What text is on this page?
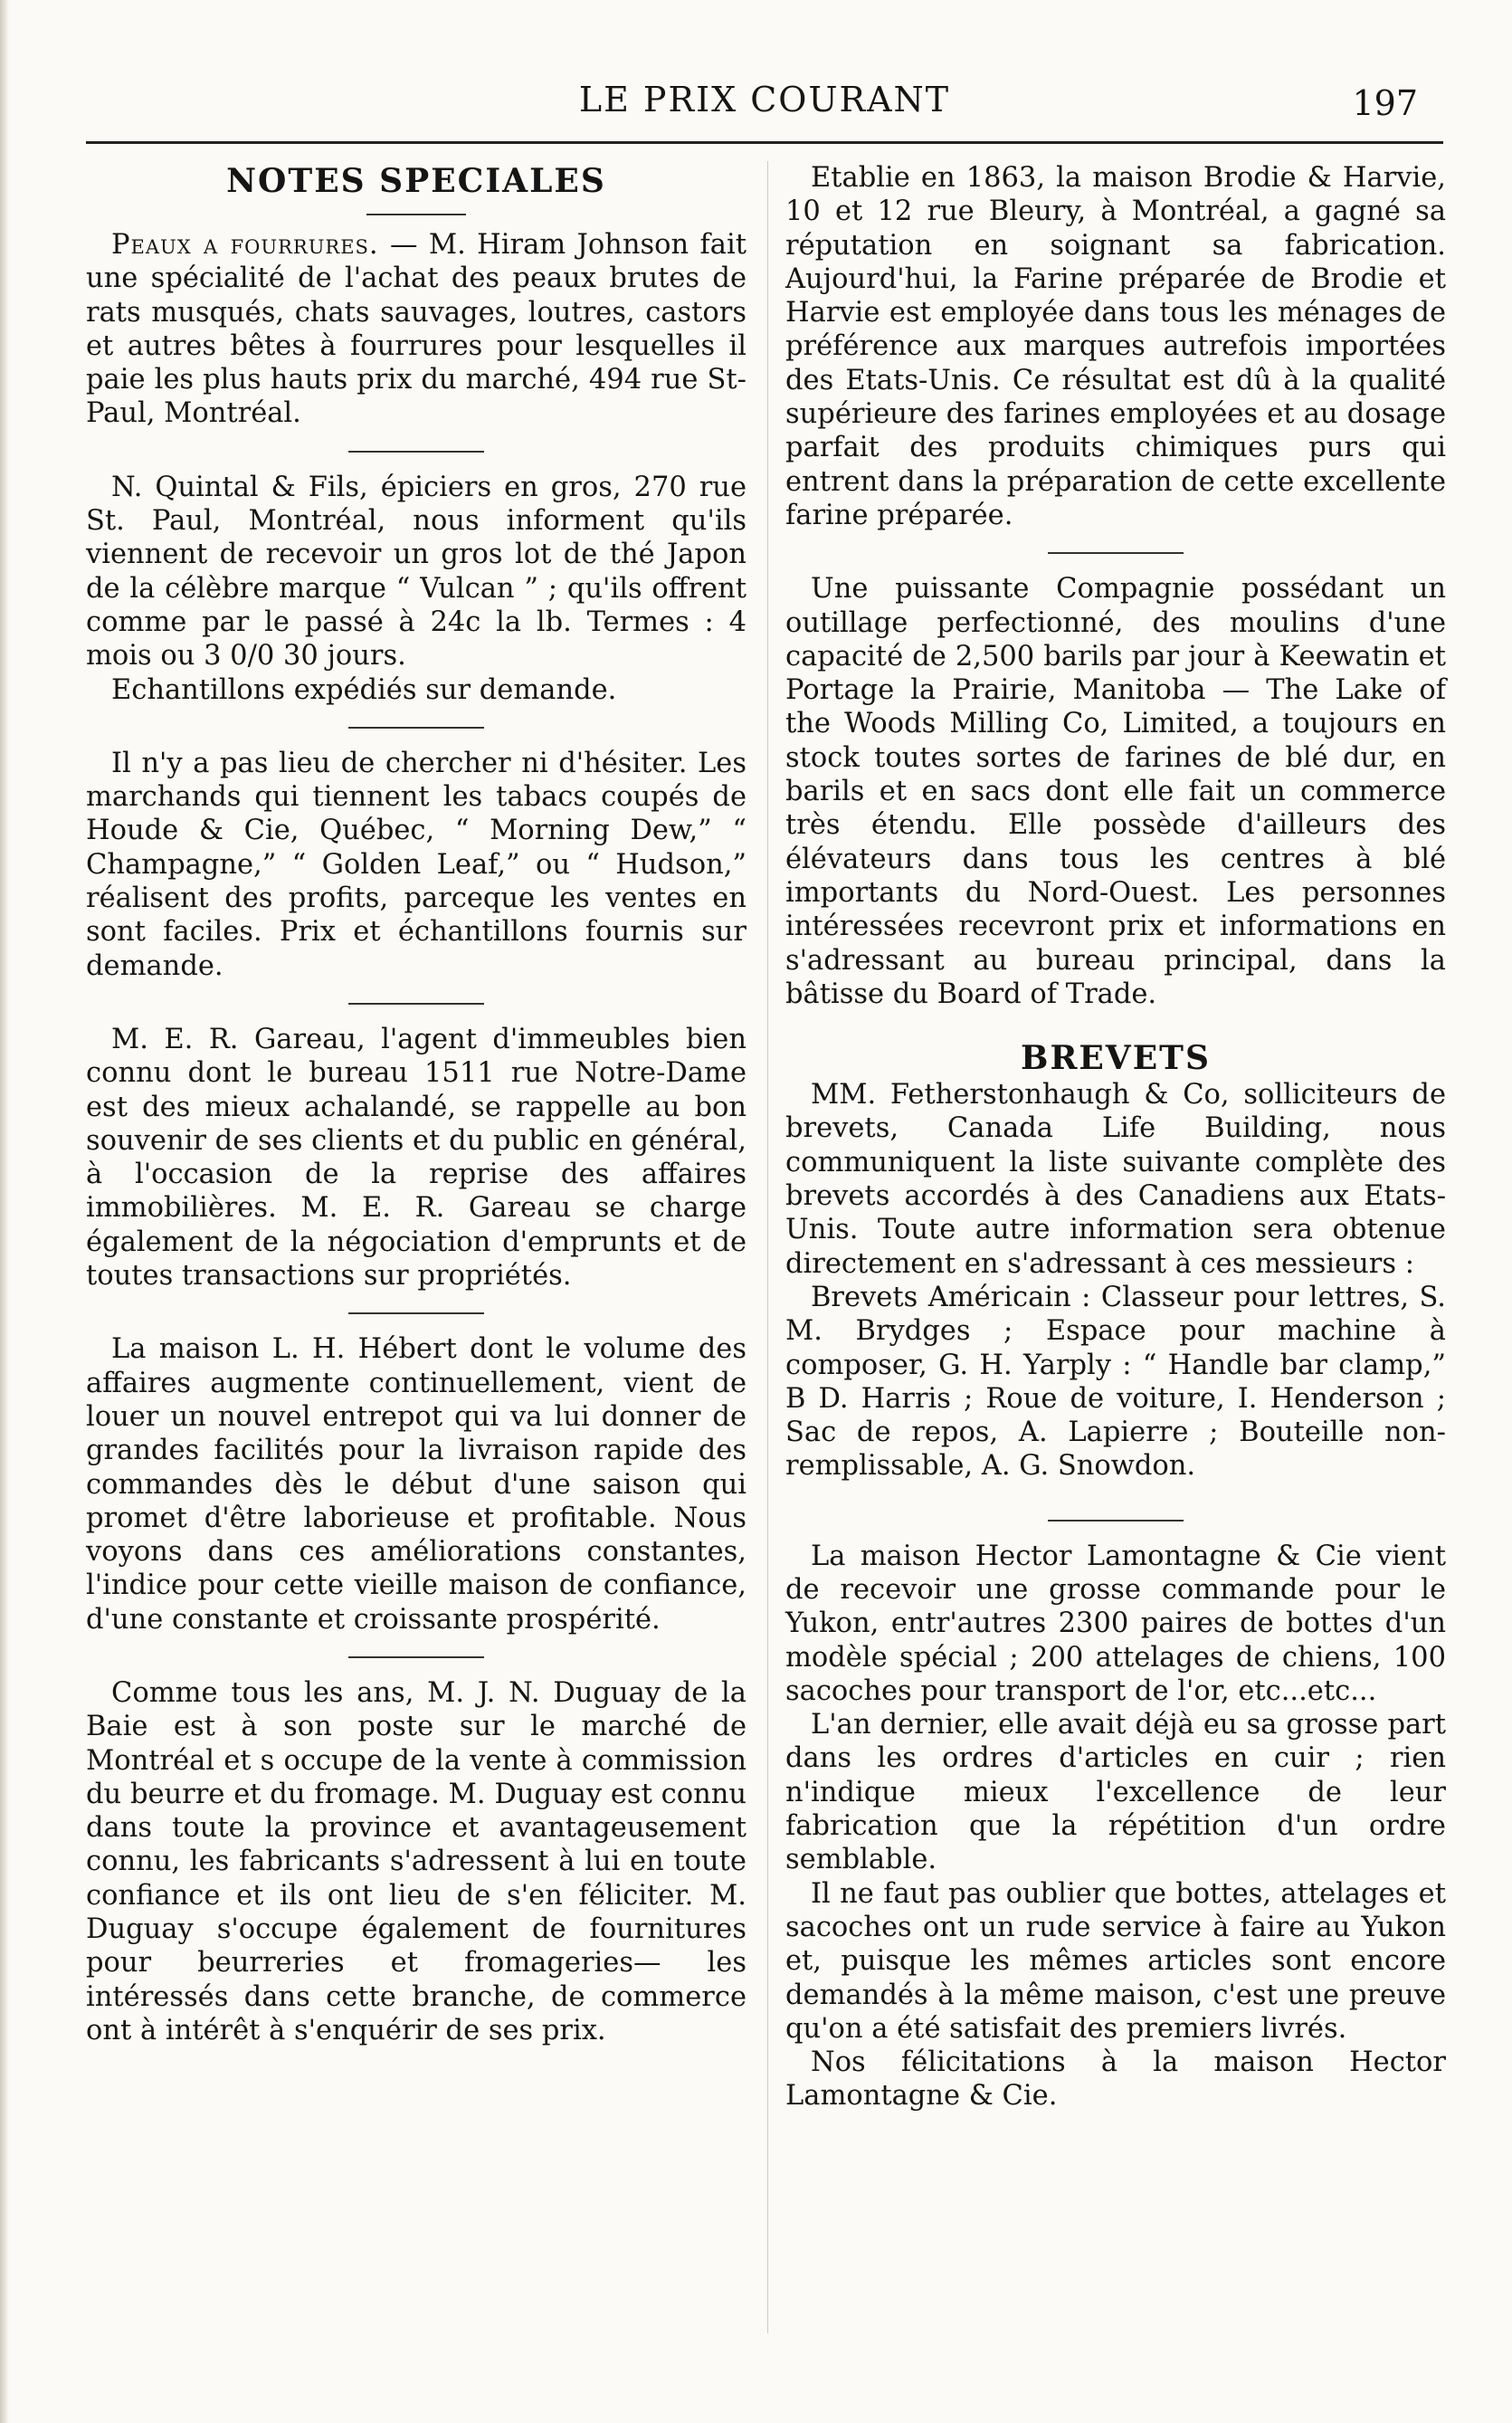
LE PRIX COURANT	197

NOTES SPECIALES

Peaux a fourrures. — M. Hiram Johnson fait une spécialité de l'achat des peaux brutes de rats musqués, chats sauvages, loutres, castors et autres bêtes à fourrures pour lesquelles il paie les plus hauts prix du marché, 494 rue St-Paul, Montréal.

N. Quintal & Fils, épiciers en gros, 270 rue St. Paul, Montréal, nous informent qu'ils viennent de recevoir un gros lot de thé Japon de la célèbre marque “ Vulcan ” ; qu'ils offrent comme par le passé à 24c la lb. Termes : 4 mois ou 3 0/0 30 jours.

Echantillons expédiés sur demande.

Il n'y a pas lieu de chercher ni d'hésiter. Les marchands qui tiennent les tabacs coupés de Houde & Cie, Québec, “ Morning Dew,” “ Champagne,” “ Golden Leaf,” ou “ Hudson,” réalisent des profits, parceque les ventes en sont faciles. Prix et échantillons fournis sur demande.

M. E. R. Gareau, l'agent d'immeubles bien connu dont le bureau 1511 rue Notre-Dame est des mieux achalandé, se rappelle au bon souvenir de ses clients et du public en général, à l'occasion de la reprise des affaires immobilières. M. E. R. Gareau se charge également de la négociation d'emprunts et de toutes transactions sur propriétés.

La maison L. H. Hébert dont le volume des affaires augmente continuellement, vient de louer un nouvel entrepot qui va lui donner de grandes facilités pour la livraison rapide des commandes dès le début d'une saison qui promet d'être laborieuse et profitable. Nous voyons dans ces améliorations constantes, l'indice pour cette vieille maison de confiance, d'une constante et croissante prospérité.

Comme tous les ans, M. J. N. Duguay de la Baie est à son poste sur le marché de Montréal et s occupe de la vente à commission du beurre et du fromage. M. Duguay est connu dans toute la province et avantageusement connu, les fabricants s'adressent à lui en toute confiance et ils ont lieu de s'en féliciter. M. Duguay s'occupe également de fournitures pour beurreries et fromageries— les intéressés dans cette branche, de commerce ont à intérêt à s'enquérir de ses prix.

Etablie en 1863, la maison Brodie & Harvie, 10 et 12 rue Bleury, à Montréal, a gagné sa réputation en soignant sa fabrication. Aujourd'hui, la Farine préparée de Brodie et Harvie est employée dans tous les ménages de préférence aux marques autrefois importées des Etats-Unis. Ce résultat est dû à la qualité supérieure des farines employées et au dosage parfait des produits chimiques purs qui entrent dans la préparation de cette excellente farine préparée.

Une puissante Compagnie possédant un outillage perfectionné, des moulins d'une capacité de 2,500 barils par jour à Keewatin et Portage la Prairie, Manitoba — The Lake of the Woods Milling Co, Limited, a toujours en stock toutes sortes de farines de blé dur, en barils et en sacs dont elle fait un commerce très étendu. Elle possède d'ailleurs des élévateurs dans tous les centres à blé importants du Nord-Ouest. Les personnes intéressées recevront prix et informations en s'adressant au bureau principal, dans la bâtisse du Board of Trade.

BREVETS

MM. Fetherstonhaugh & Co, solliciteurs de brevets, Canada Life Building, nous communiquent la liste suivante complète des brevets accordés à des Canadiens aux Etats-Unis. Toute autre information sera obtenue directement en s'adressant à ces messieurs :

Brevets Américain : Classeur pour lettres, S. M. Brydges ; Espace pour machine à composer, G. H. Yarply : “ Handle bar clamp,” B D. Harris ; Roue de voiture, I. Henderson ; Sac de repos, A. Lapierre ; Bouteille non-remplissable, A. G. Snowdon.

La maison Hector Lamontagne & Cie vient de recevoir une grosse commande pour le Yukon, entr'autres 2300 paires de bottes d'un modèle spécial ; 200 attelages de chiens, 100 sacoches pour transport de l'or, etc...etc...

L'an dernier, elle avait déjà eu sa grosse part dans les ordres d'articles en cuir ; rien n'indique mieux l'excellence de leur fabrication que la répétition d'un ordre semblable.

Il ne faut pas oublier que bottes, attelages et sacoches ont un rude service à faire au Yukon et, puisque les mêmes articles sont encore demandés à la même maison, c'est une preuve qu'on a été satisfait des premiers livrés.

Nos félicitations à la maison Hector Lamontagne & Cie.
